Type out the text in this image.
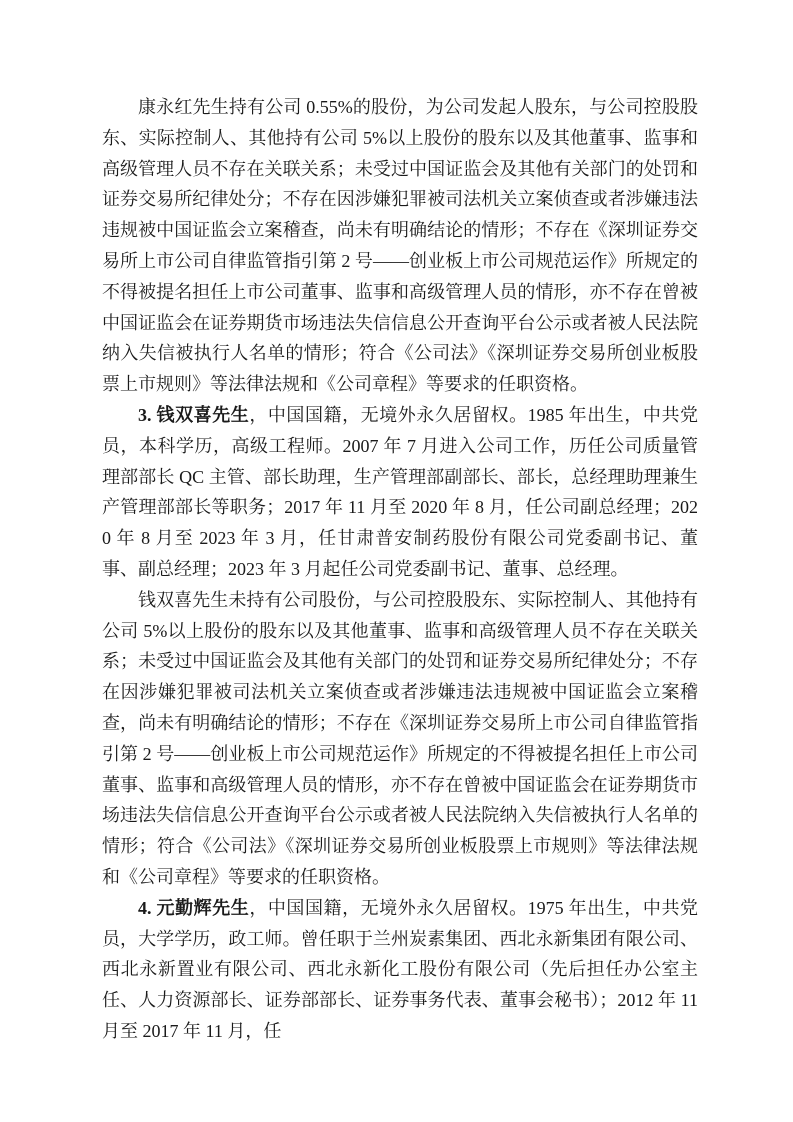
康永红先生持有公司 0.55%的股份，为公司发起人股东，与公司控股股东、实际控制人、其他持有公司 5%以上股份的股东以及其他董事、监事和高级管理人员不存在关联关系；未受过中国证监会及其他有关部门的处罚和证券交易所纪律处分；不存在因涉嫌犯罪被司法机关立案侦查或者涉嫌违法违规被中国证监会立案稽查，尚未有明确结论的情形；不存在《深圳证券交易所上市公司自律监管指引第 2 号——创业板上市公司规范运作》所规定的不得被提名担任上市公司董事、监事和高级管理人员的情形，亦不存在曾被中国证监会在证券期货市场违法失信信息公开查询平台公示或者被人民法院纳入失信被执行人名单的情形；符合《公司法》《深圳证券交易所创业板股票上市规则》等法律法规和《公司章程》等要求的任职资格。

3. 钱双喜先生，中国国籍，无境外永久居留权。1985 年出生，中共党员，本科学历，高级工程师。2007 年 7 月进入公司工作，历任公司质量管理部部长 QC 主管、部长助理，生产管理部副部长、部长，总经理助理兼生产管理部部长等职务；2017 年 11 月至 2020 年 8 月，任公司副总经理；2020 年 8 月至 2023 年 3 月，任甘肃普安制药股份有限公司党委副书记、董事、副总经理；2023 年 3 月起任公司党委副书记、董事、总经理。

钱双喜先生未持有公司股份，与公司控股股东、实际控制人、其他持有公司 5%以上股份的股东以及其他董事、监事和高级管理人员不存在关联关系；未受过中国证监会及其他有关部门的处罚和证券交易所纪律处分；不存在因涉嫌犯罪被司法机关立案侦查或者涉嫌违法违规被中国证监会立案稽查，尚未有明确结论的情形；不存在《深圳证券交易所上市公司自律监管指引第 2 号——创业板上市公司规范运作》所规定的不得被提名担任上市公司董事、监事和高级管理人员的情形，亦不存在曾被中国证监会在证券期货市场违法失信信息公开查询平台公示或者被人民法院纳入失信被执行人名单的情形；符合《公司法》《深圳证券交易所创业板股票上市规则》等法律法规和《公司章程》等要求的任职资格。

4. 元勤辉先生，中国国籍，无境外永久居留权。1975 年出生，中共党员，大学学历，政工师。曾任职于兰州炭素集团、西北永新集团有限公司、西北永新置业有限公司、西北永新化工股份有限公司（先后担任办公室主任、人力资源部长、证券部部长、证券事务代表、董事会秘书）；2012 年 11 月至 2017 年 11 月，任
